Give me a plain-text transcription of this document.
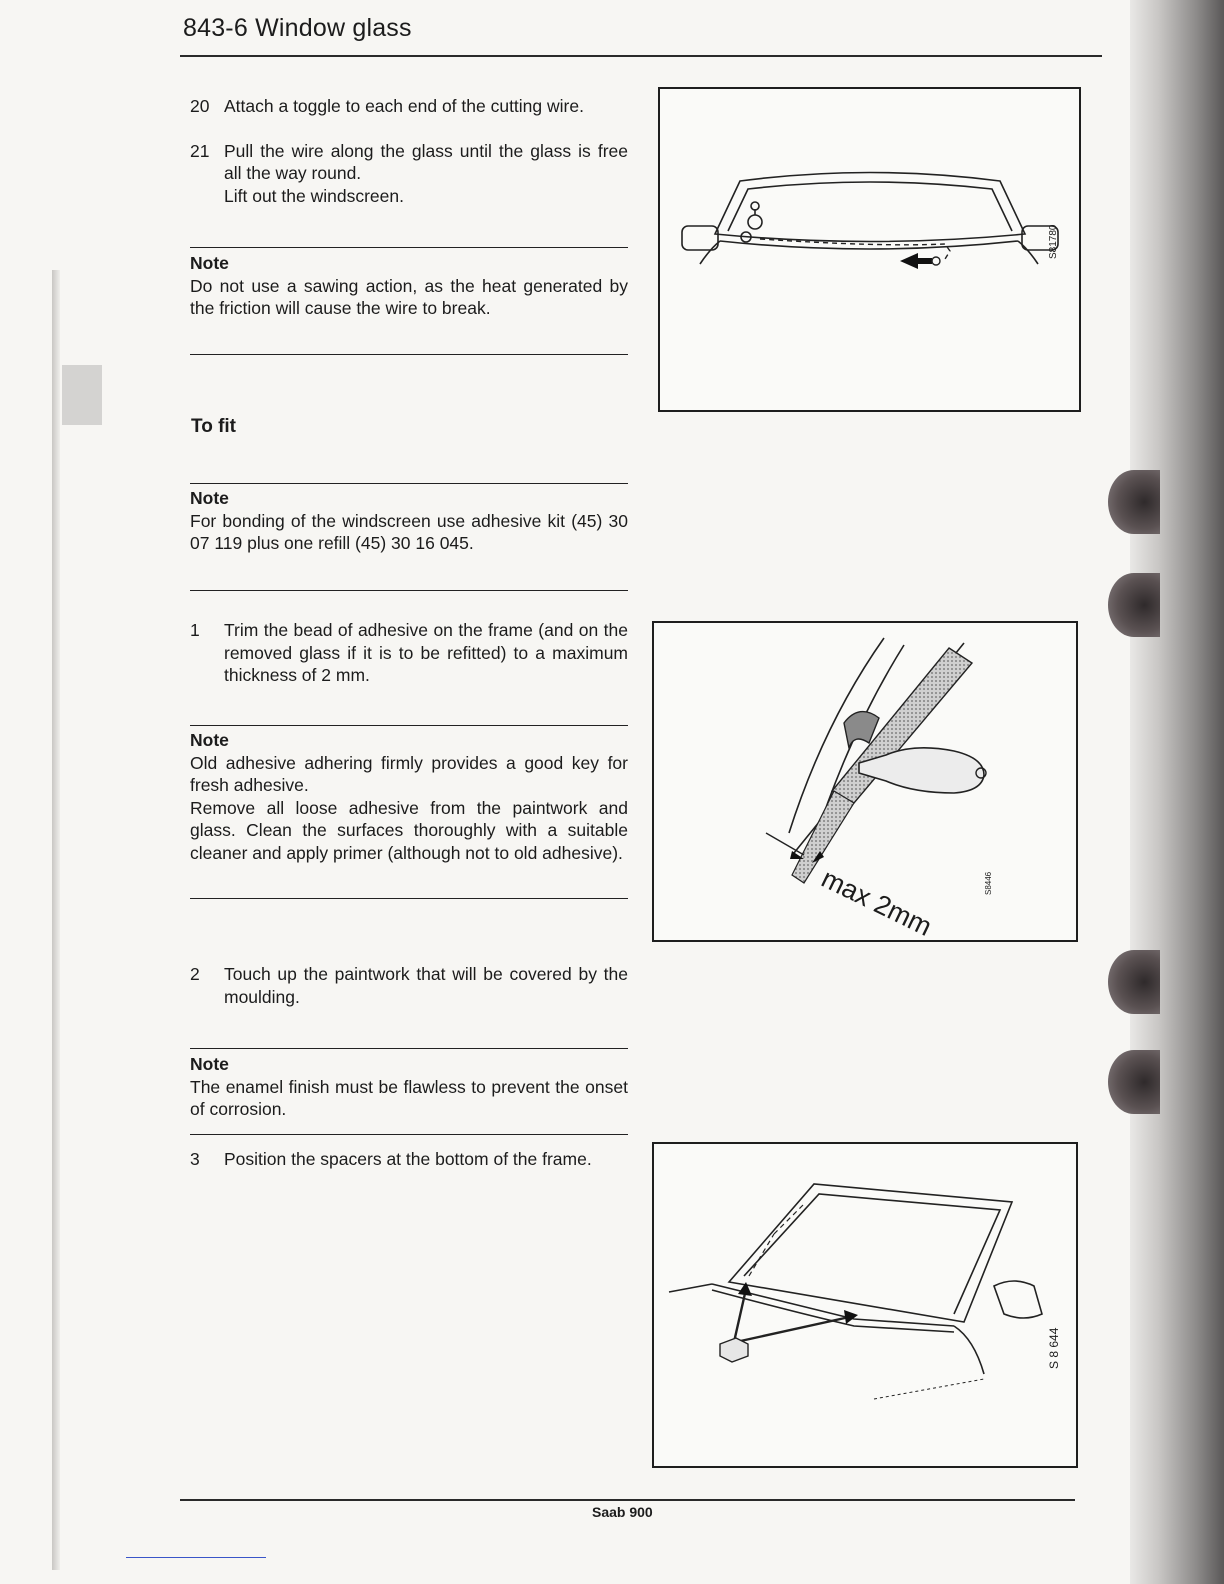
843-6 Window glass
20 Attach a toggle to each end of the cutting wire.
21 Pull the wire along the glass until the glass is free all the way round.
Lift out the windscreen.
Note
Do not use a sawing action, as the heat generated by the friction will cause the wire to break.
To fit
Note
For bonding of the windscreen use adhesive kit (45) 30 07 119 plus one refill (45) 30 16 045.
1	Trim the bead of adhesive on the frame (and on the removed glass if it is to be refitted) to a maximum thickness of 2 mm.
Note
Old adhesive adhering firmly provides a good key for fresh adhesive.
Remove all loose adhesive from the paintwork and glass. Clean the surfaces thoroughly with a suitable cleaner and apply primer (although not to old adhesive).
2	Touch up the paintwork that will be covered by the moulding.
Note
The enamel finish must be flawless to prevent the onset of corrosion.
3	Position the spacers at the bottom of the frame.
S81780
max 2mm	S8446
S 8 644
Saab 900
